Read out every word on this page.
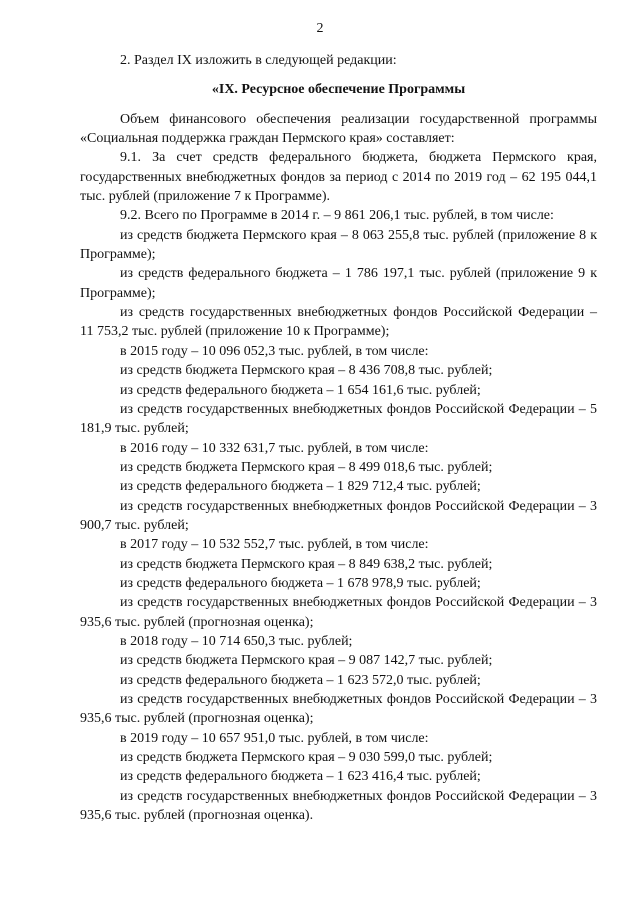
2

2. Раздел IX изложить в следующей редакции:

«IX. Ресурсное обеспечение Программы

Объем финансового обеспечения реализации государственной программы «Социальная поддержка граждан Пермского края» составляет:

9.1. За счет средств федерального бюджета, бюджета Пермского края, государственных внебюджетных фондов за период с 2014 по 2019 год – 62 195 044,1 тыс. рублей (приложение 7 к Программе).

9.2. Всего по Программе в 2014 г. – 9 861 206,1 тыс. рублей, в том числе:

из средств бюджета Пермского края – 8 063 255,8 тыс. рублей (приложение 8 к Программе);

из средств федерального бюджета – 1 786 197,1 тыс. рублей (приложение 9 к Программе);

из средств государственных внебюджетных фондов Российской Федерации – 11 753,2 тыс. рублей (приложение 10 к Программе);

в 2015 году – 10 096 052,3 тыс. рублей, в том числе:

из средств бюджета Пермского края – 8 436 708,8 тыс. рублей;

из средств федерального бюджета – 1 654 161,6 тыс. рублей;

из средств государственных внебюджетных фондов Российской Федерации – 5 181,9 тыс. рублей;

в 2016 году – 10 332 631,7 тыс. рублей, в том числе:

из средств бюджета Пермского края – 8 499 018,6 тыс. рублей;

из средств федерального бюджета – 1 829 712,4 тыс. рублей;

из средств государственных внебюджетных фондов Российской Федерации – 3 900,7 тыс. рублей;

в 2017 году – 10 532 552,7 тыс. рублей, в том числе:

из средств бюджета Пермского края – 8 849 638,2 тыс. рублей;

из средств федерального бюджета – 1 678 978,9 тыс. рублей;

из средств государственных внебюджетных фондов Российской Федерации – 3 935,6 тыс. рублей (прогнозная оценка);

в 2018 году – 10 714 650,3 тыс. рублей;

из средств бюджета Пермского края – 9 087 142,7 тыс. рублей;

из средств федерального бюджета – 1 623 572,0 тыс. рублей;

из средств государственных внебюджетных фондов Российской Федерации – 3 935,6 тыс. рублей (прогнозная оценка);

в 2019 году – 10 657 951,0 тыс. рублей, в том числе:

из средств бюджета Пермского края – 9 030 599,0 тыс. рублей;

из средств федерального бюджета – 1 623 416,4 тыс. рублей;

из средств государственных внебюджетных фондов Российской Федерации – 3 935,6 тыс. рублей (прогнозная оценка).
